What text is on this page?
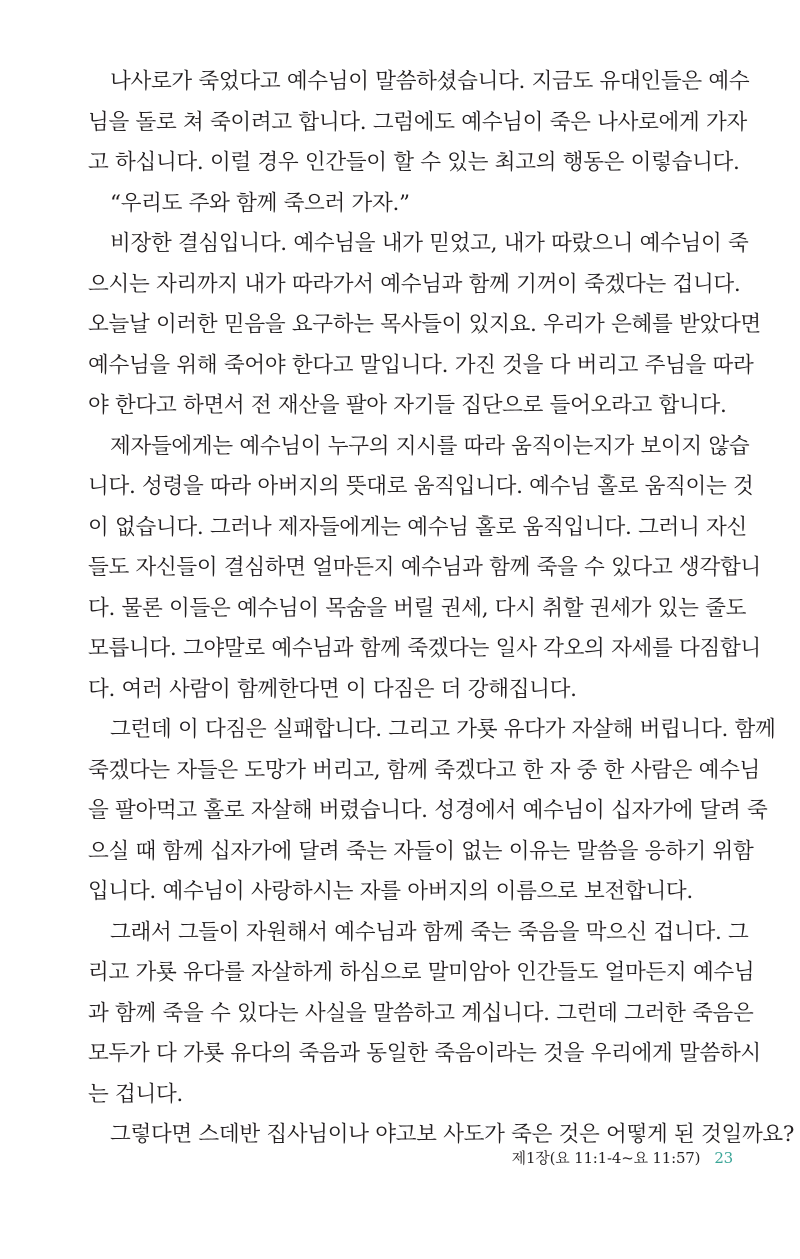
나사로가 죽었다고 예수님이 말씀하셨습니다. 지금도 유대인들은 예수
님을 돌로 쳐 죽이려고 합니다. 그럼에도 예수님이 죽은 나사로에게 가자
고 하십니다. 이럴 경우 인간들이 할 수 있는 최고의 행동은 이렇습니다.
“우리도 주와 함께 죽으러 가자.”
비장한 결심입니다. 예수님을 내가 믿었고, 내가 따랐으니 예수님이 죽
으시는 자리까지 내가 따라가서 예수님과 함께 기꺼이 죽겠다는 겁니다.
오늘날 이러한 믿음을 요구하는 목사들이 있지요. 우리가 은혜를 받았다면
예수님을 위해 죽어야 한다고 말입니다. 가진 것을 다 버리고 주님을 따라
야 한다고 하면서 전 재산을 팔아 자기들 집단으로 들어오라고 합니다.
제자들에게는 예수님이 누구의 지시를 따라 움직이는지가 보이지 않습
니다. 성령을 따라 아버지의 뜻대로 움직입니다. 예수님 홀로 움직이는 것
이 없습니다. 그러나 제자들에게는 예수님 홀로 움직입니다. 그러니 자신
들도 자신들이 결심하면 얼마든지 예수님과 함께 죽을 수 있다고 생각합니
다. 물론 이들은 예수님이 목숨을 버릴 권세, 다시 취할 권세가 있는 줄도
모릅니다. 그야말로 예수님과 함께 죽겠다는 일사 각오의 자세를 다짐합니
다. 여러 사람이 함께한다면 이 다짐은 더 강해집니다.
그런데 이 다짐은 실패합니다. 그리고 가룟 유다가 자살해 버립니다. 함께
죽겠다는 자들은 도망가 버리고, 함께 죽겠다고 한 자 중 한 사람은 예수님
을 팔아먹고 홀로 자살해 버렸습니다. 성경에서 예수님이 십자가에 달려 죽
으실 때 함께 십자가에 달려 죽는 자들이 없는 이유는 말씀을 응하기 위함
입니다. 예수님이 사랑하시는 자를 아버지의 이름으로 보전합니다.
그래서 그들이 자원해서 예수님과 함께 죽는 죽음을 막으신 겁니다. 그
리고 가룟 유다를 자살하게 하심으로 말미암아 인간들도 얼마든지 예수님
과 함께 죽을 수 있다는 사실을 말씀하고 계십니다. 그런데 그러한 죽음은
모두가 다 가룟 유다의 죽음과 동일한 죽음이라는 것을 우리에게 말씀하시
는 겁니다.
그렇다면 스데반 집사님이나 야고보 사도가 죽은 것은 어떻게 된 것일까요?
제1장(요 11:1-4~요 11:57) 23
